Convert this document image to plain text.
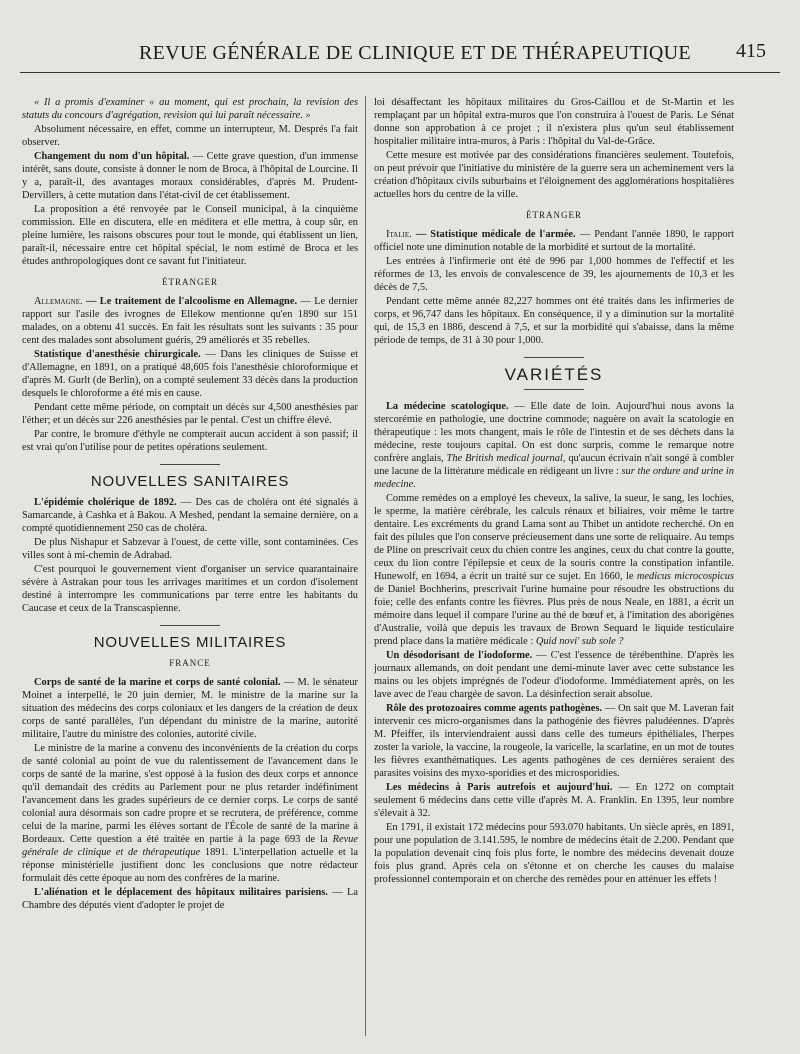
REVUE GÉNÉRALE DE CLINIQUE ET DE THÉRAPEUTIQUE	415

« Il a promis d'examiner « au moment, qui est prochain, la revision des statuts du concours d'agrégation, revision qui lui paraît nécessaire. »

Absolument nécessaire, en effet, comme un interrupteur, M. Després l'a fait observer.

Changement du nom d'un hôpital. — Cette grave question, d'un immense intérêt, sans doute, consiste à donner le nom de Broca, à l'hôpital de Lourcine. Il y a, paraît-il, des avantages moraux considérables, d'après M. Prudent-Dervillers, à cette mutation dans l'état-civil de cet établissement.

La proposition a été renvoyée par le Conseil municipal, à la cinquième commission. Elle en discutera, elle en méditera et elle mettra, à coup sûr, en pleine lumière, les raisons obscures pour tout le monde, qui établissent un lien, paraît-il, nécessaire entre cet hôpital spécial, le nom estimé de Broca et les études anthropologiques dont ce savant fut l'initiateur.

ÉTRANGER

Allemagne. — Le traitement de l'alcoolisme en Allemagne. — Le dernier rapport sur l'asile des ivrognes de Ellekow mentionne qu'en 1890 sur 151 malades, on a obtenu 41 succès. En fait les résultats sont les suivants : 35 pour cent des malades sont absolument guéris, 29 améliorés et 35 rebelles.

Statistique d'anesthésie chirurgicale. — Dans les cliniques de Suisse et d'Allemagne, en 1891, on a pratiqué 48,605 fois l'anesthésie chloroformique et d'après M. Gurlt (de Berlin), on a compté seulement 33 décès dans la production desquels le chloroforme a été mis en cause.

Pendant cette même période, on comptait un décès sur 4,500 anesthésies par l'éther; et un décès sur 226 anesthésies par le pental. C'est un chiffre élevé.

Par contre, le bromure d'éthyle ne compterait aucun accident à son passif; il est vrai qu'on l'utilise pour de petites opérations seulement.

NOUVELLES SANITAIRES

L'épidémie cholérique de 1892. — Des cas de choléra ont été signalés à Samarcande, à Cashka et à Bakou. A Meshed, pendant la semaine dernière, on a compté quotidiennement 250 cas de choléra.

De plus Nishapur et Sabzevar à l'ouest, de cette ville, sont contaminées. Ces villes sont à mi-chemin de Adrabad.

C'est pourquoi le gouvernement vient d'organiser un service quarantainaire sévère à Astrakan pour tous les arrivages maritimes et un cordon d'isolement destiné à interrompre les communications par terre entre les habitants du Caucase et ceux de la Transcaspienne.

NOUVELLES MILITAIRES
FRANCE

Corps de santé de la marine et corps de santé colonial. — M. le sénateur Moinet a interpellé, le 20 juin dernier, M. le ministre de la marine sur la situation des médecins des corps coloniaux et les dangers de la création de deux corps de santé parallèles, l'un dépendant du ministre de la marine, autorité militaire, l'autre du ministre des colonies, autorité civile.

Le ministre de la marine a convenu des inconvénients de la création du corps de santé colonial au point de vue du ralentissement de l'avancement dans le corps de santé de la marine, s'est opposé à la fusion des deux corps et annonce qu'il demandait des crédits au Parlement pour ne plus retarder indéfiniment l'avancement dans les grades supérieurs de ce dernier corps. Le corps de santé colonial aura désormais son cadre propre et se recrutera, de préférence, comme celui de la marine, parmi les élèves sortant de l'École de santé de la marine à Bordeaux. Cette question a été traitée en partie à la page 693 de la Revue générale de clinique et de thérapeutique 1891. L'interpellation actuelle et la réponse ministérielle justifient donc les conclusions que notre rédacteur formulait dès cette époque au nom des confrères de la marine.

L'aliénation et le déplacement des hôpitaux militaires parisiens. — La Chambre des députés vient d'adopter le projet de

loi désaffectant les hôpitaux militaires du Gros-Caillou et de St-Martin et les remplaçant par un hôpital extra-muros que l'on construira à l'ouest de Paris. Le Sénat donne son approbation à ce projet ; il n'existera plus qu'un seul établissement hospitalier militaire intra-muros, à Paris : l'hôpital du Val-de-Grâce.

Cette mesure est motivée par des considérations financières seulement. Toutefois, on peut prévoir que l'initiative du ministère de la guerre sera un acheminement vers la création d'hôpitaux civils suburbains et l'éloignement des agglomérations hospitalières actuelles hors du centre de la ville.

ÉTRANGER

Italie. — Statistique médicale de l'armée. — Pendant l'année 1890, le rapport officiel note une diminution notable de la morbidité et surtout de la mortalité.

Les entrées à l'infirmerie ont été de 996 par 1,000 hommes de l'effectif et les réformes de 13, les envois de convalescence de 39, les ajournements de 10,3 et les décès de 7,5.

Pendant cette même année 82,227 hommes ont été traités dans les infirmeries de corps, et 96,747 dans les hôpitaux. En conséquence, il y a diminution sur la mortalité qui, de 15,3 en 1886, descend à 7,5, et sur la morbidité qui s'abaisse, dans la même période de temps, de 31 à 30 pour 1,000.

VARIÉTÉS

La médecine scatologique. — Elle date de loin. Aujourd'hui nous avons la stercorémie en pathologie, une doctrine commode; naguère on avait la scatologie en thérapeutique : les mots changent, mais le rôle de l'intestin et de ses déchets dans la médecine, reste toujours capital. On est donc surpris, comme le remarque notre confrère anglais, The British medical journal, qu'aucun écrivain n'ait songé à combler une lacune de la littérature médicale en rédigeant un livre : sur the ordure and urine in medecine.

Comme remèdes on a employé les cheveux, la salive, la sueur, le sang, les lochies, le sperme, la matière cérébrale, les calculs rénaux et biliaires, voir même le tartre dentaire. Les excréments du grand Lama sont au Thibet un antidote recherché. On en fait des pilules que l'on conserve précieusement dans une sorte de reliquaire. Au temps de Pline on prescrivait ceux du chien contre les angines, ceux du chat contre la goutte, ceux du lion contre l'épilepsie et ceux de la souris contre la constipation infantile. Hunewolf, en 1694, a écrit un traité sur ce sujet. En 1660, le medicus microcospicus de Daniel Bochherins, prescrivait l'urine humaine pour résoudre les obstructions du foie; celle des enfants contre les fièvres. Plus près de nous Neale, en 1881, a écrit un mémoire dans lequel il compare l'urine au thé de bœuf et, à l'imitation des aborigènes d'Australie, voilà que depuis les travaux de Brown Sequard le liquide testiculaire prend place dans la matière médicale : Quid novi' sub sole ?

Un désodorisant de l'iodoforme. — C'est l'essence de térébenthine. D'après les journaux allemands, on doit pendant une demi-minute laver avec cette substance les mains ou les objets imprégnés de l'odeur d'iodoforme. Immédiatement après, on les lave avec de l'eau chargée de savon. La désinfection serait absolue.

Rôle des protozoaires comme agents pathogènes. — On sait que M. Laveran fait intervenir ces micro-organismes dans la pathogénie des fièvres paludéennes. D'après M. Pfeiffer, ils interviendraient aussi dans celle des tumeurs épithéliales, l'herpes zoster la variole, la vaccine, la rougeole, la varicelle, la scarlatine, en un mot de toutes les fièvres exanthématiques. Les agents pathogènes de ces dernières seraient des parasites voisins des myxo-sporidies et des microsporidies.

Les médecins à Paris autrefois et aujourd'hui. — En 1272 on comptait seulement 6 médecins dans cette ville d'après M. A. Franklin. En 1395, leur nombre s'élevait à 32.

En 1791, il existait 172 médecins pour 593.070 habitants. Un siècle après, en 1891, pour une population de 3.141.595, le nombre de médecins était de 2.200. Pendant que la population devenait cinq fois plus forte, le nombre des médecins devenait douze fois plus grand. Après cela on s'étonne et on cherche les causes du malaise professionnel contemporain et on cherche des remèdes pour en atténuer les effets !
